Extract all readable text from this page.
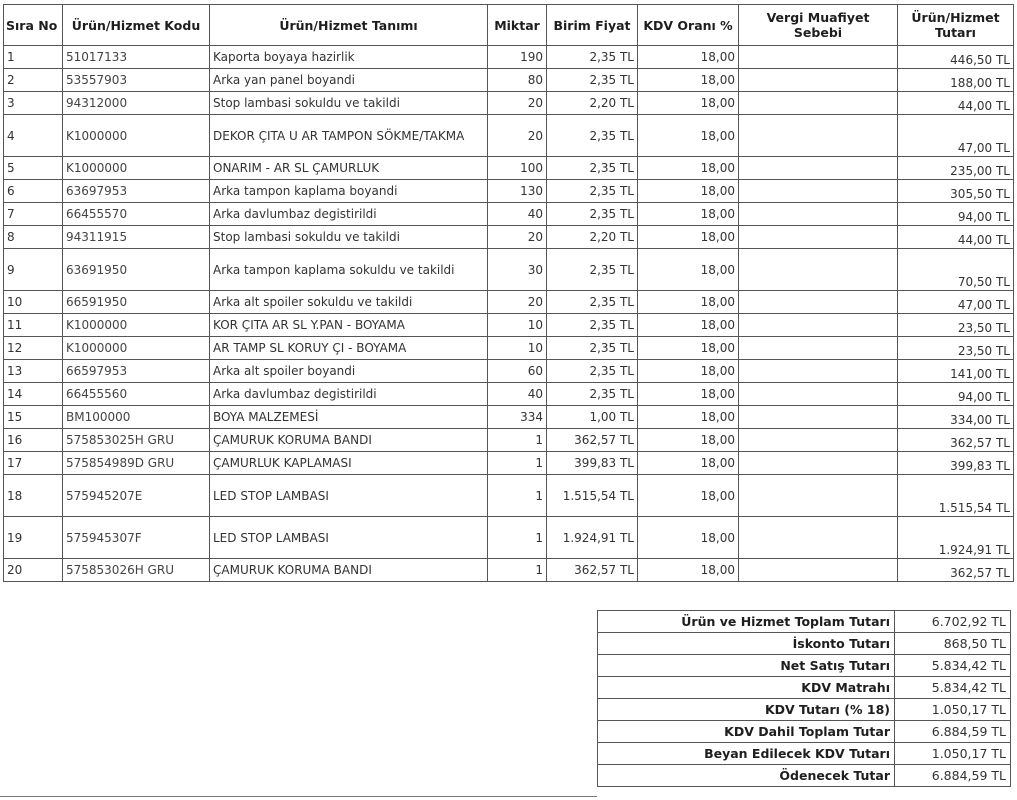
Sıra No	Ürün/Hizmet Kodu	Ürün/Hizmet Tanımı	Miktar	Birim Fiyat	KDV Oranı %	Vergi Muafiyet Sebebi	Ürün/Hizmet Tutarı
1	51017133	Kaporta boyaya hazirlik	190	2,35 TL	18,00		446,50 TL
2	53557903	Arka yan panel boyandi	80	2,35 TL	18,00		188,00 TL
3	94312000	Stop lambasi sokuldu ve takildi	20	2,20 TL	18,00		44,00 TL
4	K1000000	DEKOR ÇITA U AR TAMPON SÖKME/TAKMA	20	2,35 TL	18,00		47,00 TL
5	K1000000	ONARIM - AR SL ÇAMURLUK	100	2,35 TL	18,00		235,00 TL
6	63697953	Arka tampon kaplama boyandi	130	2,35 TL	18,00		305,50 TL
7	66455570	Arka davlumbaz degistirildi	40	2,35 TL	18,00		94,00 TL
8	94311915	Stop lambasi sokuldu ve takildi	20	2,20 TL	18,00		44,00 TL
9	63691950	Arka tampon kaplama sokuldu ve takildi	30	2,35 TL	18,00		70,50 TL
10	66591950	Arka alt spoiler sokuldu ve takildi	20	2,35 TL	18,00		47,00 TL
11	K1000000	KOR ÇITA AR SL Y.PAN - BOYAMA	10	2,35 TL	18,00		23,50 TL
12	K1000000	AR TAMP SL KORUY ÇI - BOYAMA	10	2,35 TL	18,00		23,50 TL
13	66597953	Arka alt spoiler boyandi	60	2,35 TL	18,00		141,00 TL
14	66455560	Arka davlumbaz degistirildi	40	2,35 TL	18,00		94,00 TL
15	BM100000	BOYA MALZEMESİ	334	1,00 TL	18,00		334,00 TL
16	575853025H GRU	ÇAMURUK KORUMA BANDI	1	362,57 TL	18,00		362,57 TL
17	575854989D GRU	ÇAMURLUK KAPLAMASI	1	399,83 TL	18,00		399,83 TL
18	575945207E	LED STOP LAMBASI	1	1.515,54 TL	18,00		1.515,54 TL
19	575945307F	LED STOP LAMBASI	1	1.924,91 TL	18,00		1.924,91 TL
20	575853026H GRU	ÇAMURUK KORUMA BANDI	1	362,57 TL	18,00		362,57 TL
Ürün ve Hizmet Toplam Tutarı	6.702,92 TL
İskonto Tutarı	868,50 TL
Net Satış Tutarı	5.834,42 TL
KDV Matrahı	5.834,42 TL
KDV Tutarı (% 18)	1.050,17 TL
KDV Dahil Toplam Tutar	6.884,59 TL
Beyan Edilecek KDV Tutarı	1.050,17 TL
Ödenecek Tutar	6.884,59 TL
